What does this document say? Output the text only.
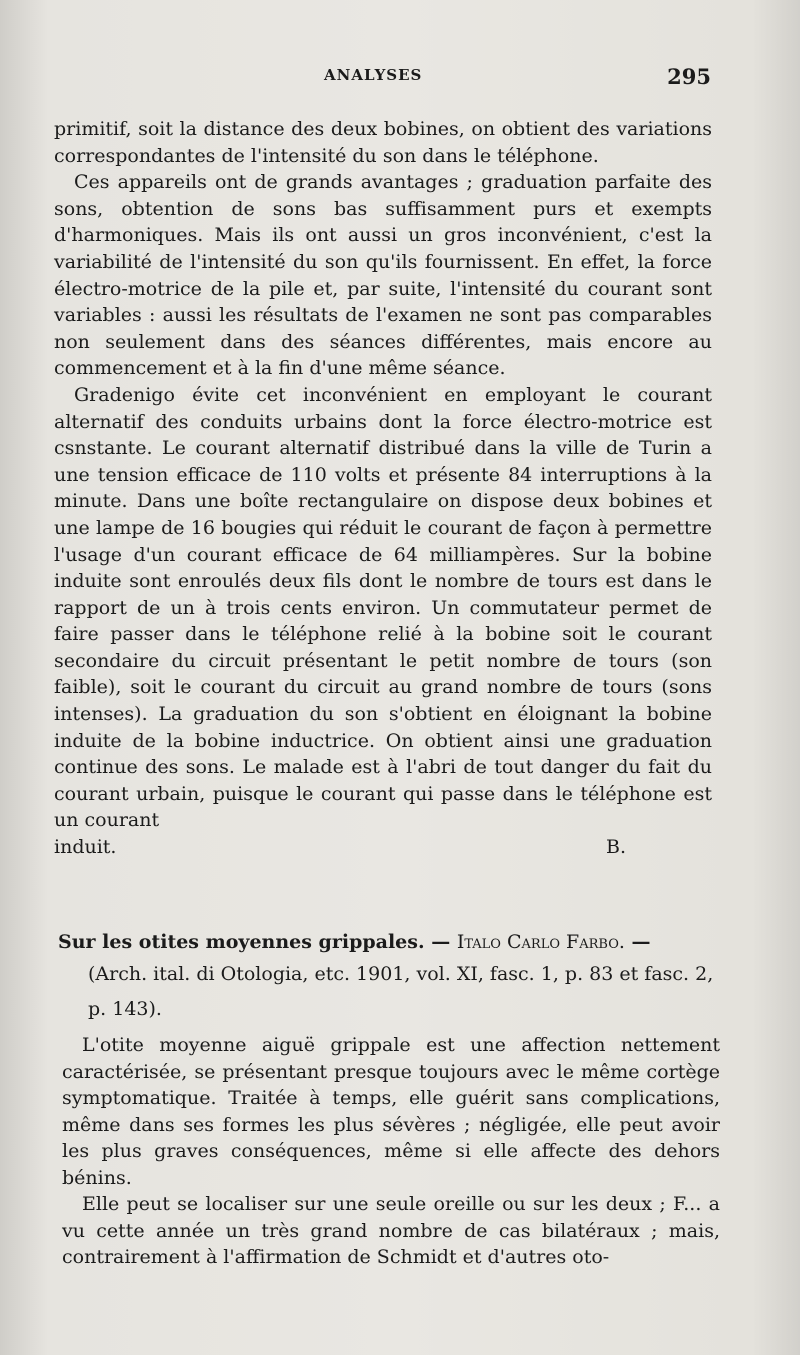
ANALYSES	295

primitif, soit la distance des deux bobines, on obtient des variations correspondantes de l'intensité du son dans le téléphone.

Ces appareils ont de grands avantages ; graduation parfaite des sons, obtention de sons bas suffisamment purs et exempts d'harmoniques. Mais ils ont aussi un gros inconvénient, c'est la variabilité de l'intensité du son qu'ils fournissent. En effet, la force électro-motrice de la pile et, par suite, l'intensité du courant sont variables : aussi les résultats de l'examen ne sont pas comparables non seulement dans des séances différentes, mais encore au commencement et à la fin d'une même séance.

Gradenigo évite cet inconvénient en employant le courant alternatif des conduits urbains dont la force électro-motrice est csnstante. Le courant alternatif distribué dans la ville de Turin a une tension efficace de 110 volts et présente 84 interruptions à la minute. Dans une boîte rectangulaire on dispose deux bobines et une lampe de 16 bougies qui réduit le courant de façon à permettre l'usage d'un courant efficace de 64 milliampères. Sur la bobine induite sont enroulés deux fils dont le nombre de tours est dans le rapport de un à trois cents environ. Un commutateur permet de faire passer dans le téléphone relié à la bobine soit le courant secondaire du circuit présentant le petit nombre de tours (son faible), soit le courant du circuit au grand nombre de tours (sons intenses). La graduation du son s'obtient en éloignant la bobine induite de la bobine inductrice. On obtient ainsi une graduation continue des sons. Le malade est à l'abri de tout danger du fait du courant urbain, puisque le courant qui passe dans le téléphone est un courant

induit.	B.
Sur les otites moyennes grippales. — Italo Carlo Farbo. —

(Arch. ital. di Otologia, etc. 1901, vol. XI, fasc. 1, p. 83 et fasc. 2, p. 143).

L'otite moyenne aiguë grippale est une affection nettement caractérisée, se présentant presque toujours avec le même cortège symptomatique. Traitée à temps, elle guérit sans complications, même dans ses formes les plus sévères ; négligée, elle peut avoir les plus graves conséquences, même si elle affecte des dehors bénins.

Elle peut se localiser sur une seule oreille ou sur les deux ; F... a vu cette année un très grand nombre de cas bilatéraux ; mais, contrairement à l'affirmation de Schmidt et d'autres oto-
